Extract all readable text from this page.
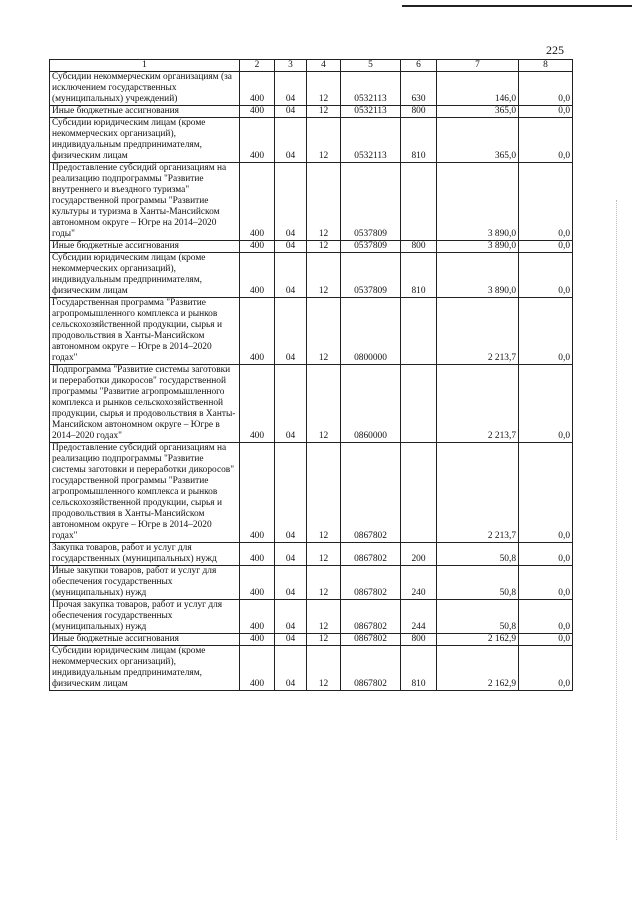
225
1	2	3	4	5	6	7	8
Субсидии некоммерческим организациям (за исключением государственных (муниципальных) учреждений)	400	04	12	0532113	630	146,0	0,0
Иные бюджетные ассигнования	400	04	12	0532113	800	365,0	0,0
Субсидии юридическим лицам (кроме некоммерческих организаций), индивидуальным предпринимателям, физическим лицам	400	04	12	0532113	810	365,0	0,0
Предоставление субсидий организациям на реализацию подпрограммы "Развитие внутреннего и въездного туризма" государственной программы "Развитие культуры и туризма в Ханты-Мансийском автономном округе – Югре на 2014–2020 годы"	400	04	12	0537809		3 890,0	0,0
Иные бюджетные ассигнования	400	04	12	0537809	800	3 890,0	0,0
Субсидии юридическим лицам (кроме некоммерческих организаций), индивидуальным предпринимателям, физическим лицам	400	04	12	0537809	810	3 890,0	0,0
Государственная программа "Развитие агропромышленного комплекса и рынков сельскохозяйственной продукции, сырья и продовольствия в Ханты-Мансийском автономном округе – Югре в 2014–2020 годах"	400	04	12	0800000		2 213,7	0,0
Подпрограмма "Развитие системы заготовки и переработки дикоросов" государственной программы "Развитие агропромышленного комплекса и рынков сельскохозяйственной продукции, сырья и продовольствия в Ханты-Мансийском автономном округе – Югре в 2014–2020 годах"	400	04	12	0860000		2 213,7	0,0
Предоставление субсидий организациям на реализацию подпрограммы "Развитие системы заготовки и переработки дикоросов" государственной программы "Развитие агропромышленного комплекса и рынков сельскохозяйственной продукции, сырья и продовольствия в Ханты-Мансийском автономном округе – Югре в 2014–2020 годах"	400	04	12	0867802		2 213,7	0,0
Закупка товаров, работ и услуг для государственных (муниципальных) нужд	400	04	12	0867802	200	50,8	0,0
Иные закупки товаров, работ и услуг для обеспечения государственных (муниципальных) нужд	400	04	12	0867802	240	50,8	0,0
Прочая закупка товаров, работ и услуг для обеспечения государственных (муниципальных) нужд	400	04	12	0867802	244	50,8	0,0
Иные бюджетные ассигнования	400	04	12	0867802	800	2 162,9	0,0
Субсидии юридическим лицам (кроме некоммерческих организаций), индивидуальным предпринимателям, физическим лицам	400	04	12	0867802	810	2 162,9	0,0
